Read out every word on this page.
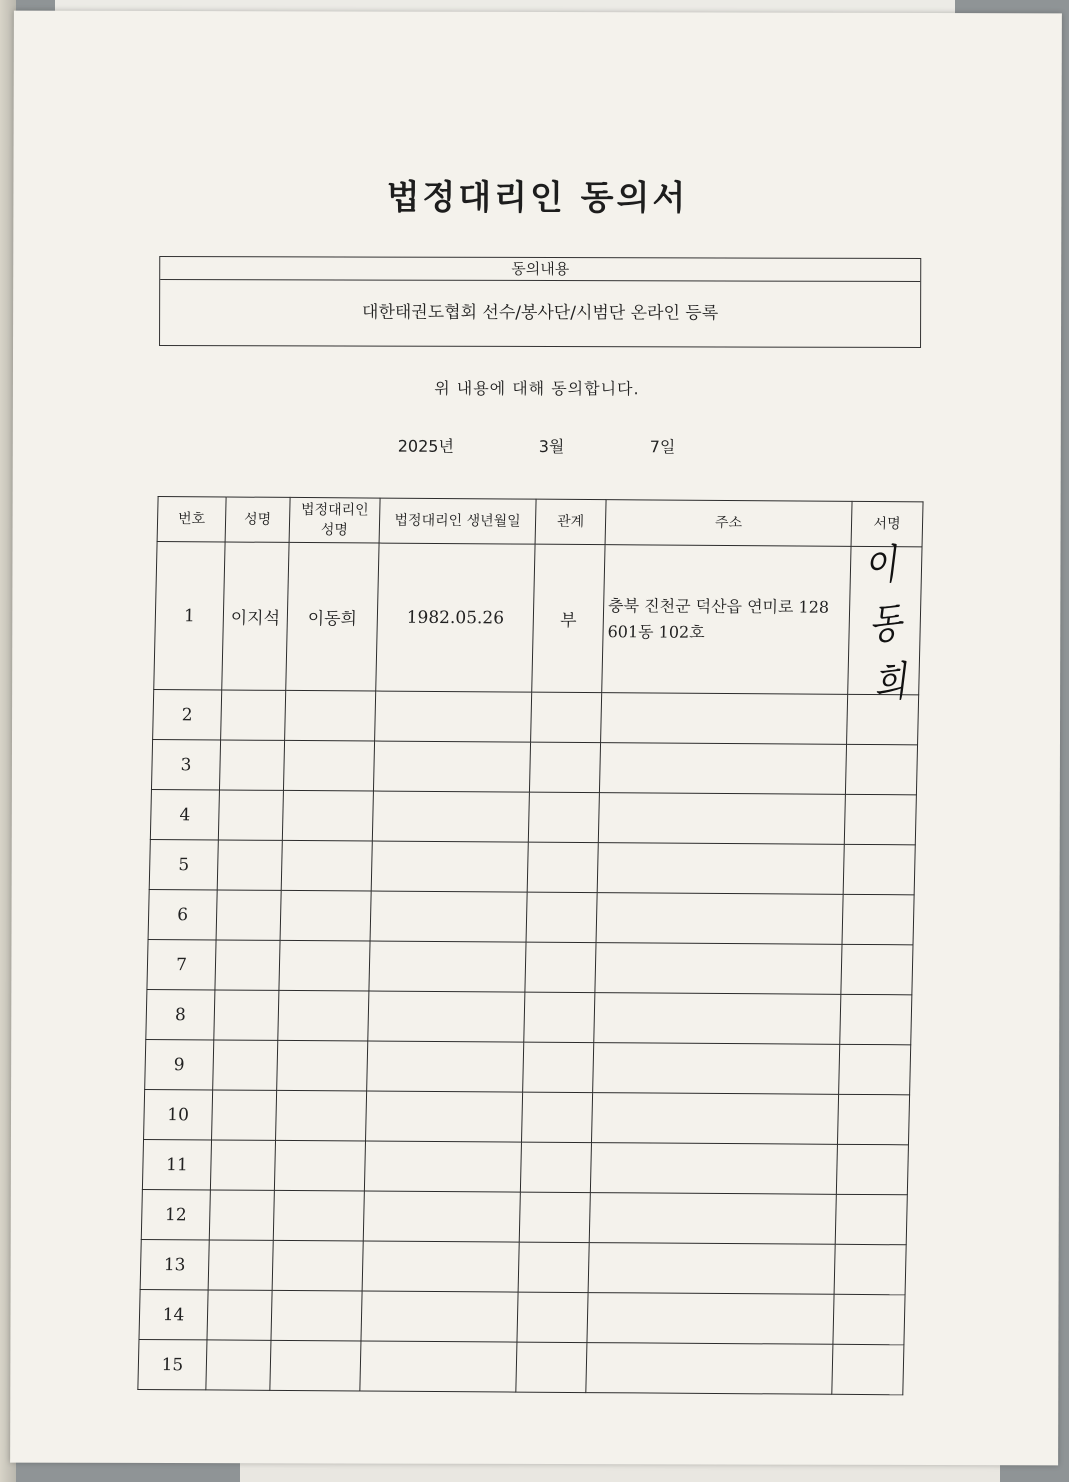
법정대리인 동의서
동의내용
대한태권도협회 선수/봉사단/시범단 온라인 등록
위 내용에 대해 동의합니다.
2025년	3월	7일
번호	성명	법정대리인 성명	법정대리인 생년월일	관계	주소	서명
1	이지석	이동희	1982.05.26	부	충북 진천군 덕산읍 연미로 128 601동 102호	이동희
2						
3						
4						
5						
6						
7						
8						
9						
10						
11						
12						
13						
14						
15						
